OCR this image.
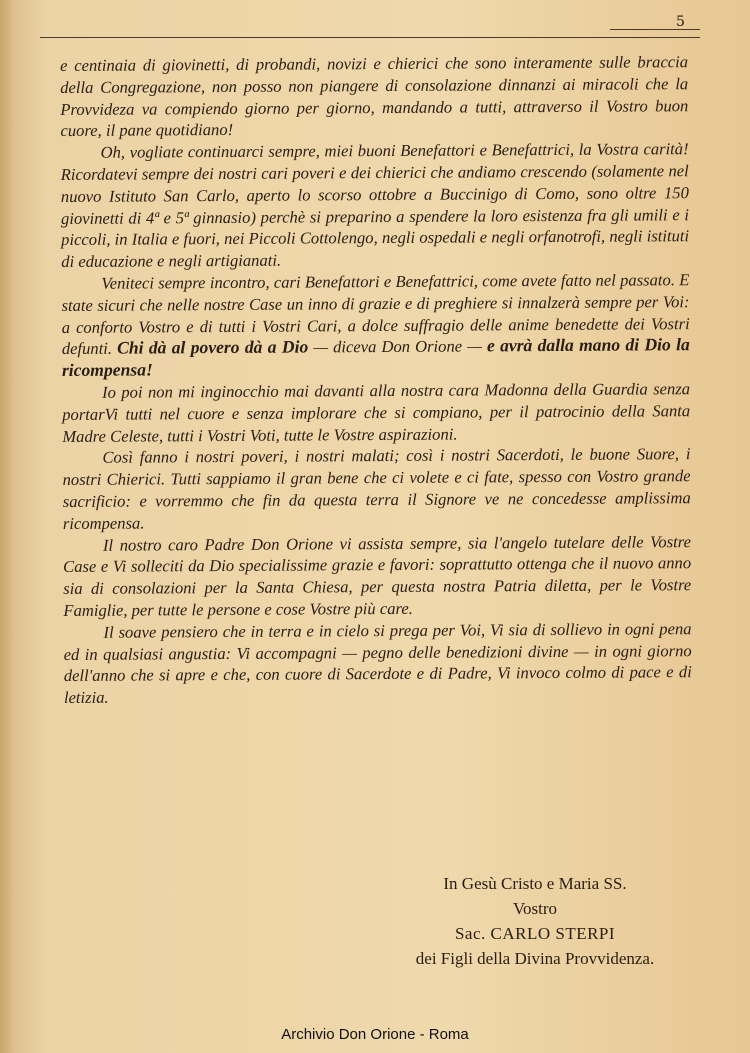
5

e centinaia di giovinetti, di probandi, novizi e chierici che sono interamente sulle braccia della Congregazione, non posso non piangere di consolazione dinnanzi ai miracoli che la Provvideza va compiendo giorno per giorno, mandando a tutti, attraverso il Vostro buon cuore, il pane quotidiano!

Oh, vogliate continuarci sempre, miei buoni Benefattori e Benefattrici, la Vostra carità! Ricordatevi sempre dei nostri cari poveri e dei chierici che andiamo crescendo (solamente nel nuovo Istituto San Carlo, aperto lo scorso ottobre a Buccinigo di Como, sono oltre 150 giovinetti di 4ª e 5ª ginnasio) perchè si preparino a spendere la loro esistenza fra gli umili e i piccoli, in Italia e fuori, nei Piccoli Cottolengo, negli ospedali e negli orfanotrofi, negli istituti di educazione e negli artigianati.

Veniteci sempre incontro, cari Benefattori e Benefattrici, come avete fatto nel passato. E state sicuri che nelle nostre Case un inno di grazie e di preghiere si innalzerà sempre per Voi: a conforto Vostro e di tutti i Vostri Cari, a dolce suffragio delle anime benedette dei Vostri defunti. Chi dà al povero dà a Dio — diceva Don Orione — e avrà dalla mano di Dio la ricompensa!

Io poi non mi inginocchio mai davanti alla nostra cara Madonna della Guardia senza portarVi tutti nel cuore e senza implorare che si compiano, per il patrocinio della Santa Madre Celeste, tutti i Vostri Voti, tutte le Vostre aspirazioni.

Così fanno i nostri poveri, i nostri malati; così i nostri Sacerdoti, le buone Suore, i nostri Chierici. Tutti sappiamo il gran bene che ci volete e ci fate, spesso con Vostro grande sacrificio: e vorremmo che fin da questa terra il Signore ve ne concedesse amplissima ricompensa.

Il nostro caro Padre Don Orione vi assista sempre, sia l'angelo tutelare delle Vostre Case e Vi solleciti da Dio specialissime grazie e favori: soprattutto ottenga che il nuovo anno sia di consolazioni per la Santa Chiesa, per questa nostra Patria diletta, per le Vostre Famiglie, per tutte le persone e cose Vostre più care.

Il soave pensiero che in terra e in cielo si prega per Voi, Vi sia di sollievo in ogni pena ed in qualsiasi angustia: Vi accompagni — pegno delle benedizioni divine — in ogni giorno dell'anno che si apre e che, con cuore di Sacerdote e di Padre, Vi invoco colmo di pace e di letizia.

In Gesù Cristo e Maria SS.
Vostro
Sac. CARLO STERPI
dei Figli della Divina Provvidenza.
Archivio Don Orione - Roma
